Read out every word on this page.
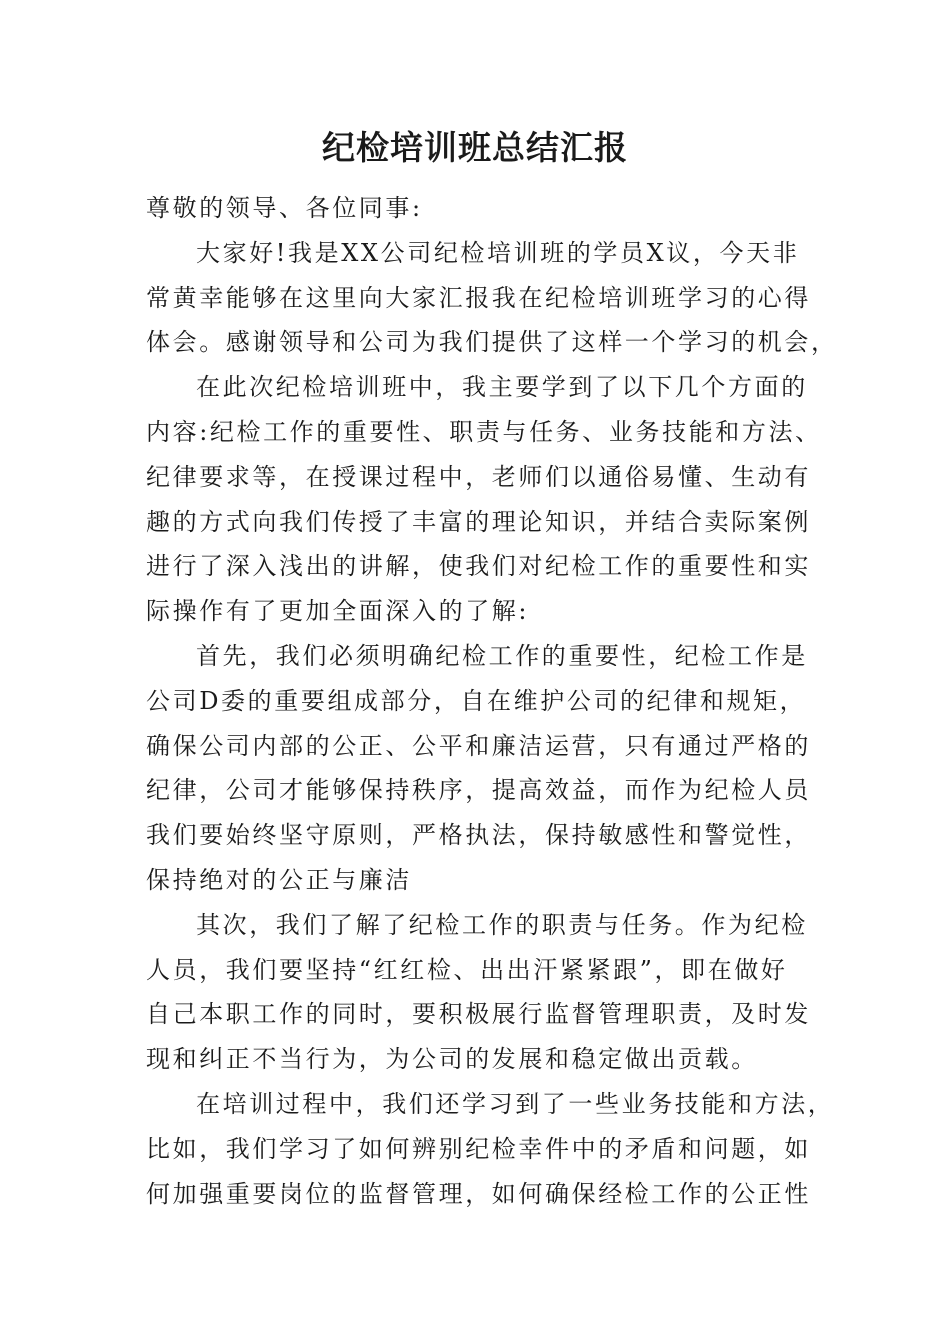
纪检培训班总结汇报
尊敬的领导、各位同事:
大家好!我是XX公司纪检培训班的学员X议，今天非
常黄幸能够在这里向大家汇报我在纪检培训班学习的心得
体会。感谢领导和公司为我们提供了这样一个学习的机会，
在此次纪检培训班中，我主要学到了以下几个方面的
内容:纪检工作的重要性、职责与任务、业务技能和方法、
纪律要求等，在授课过程中，老师们以通俗易懂、生动有
趣的方式向我们传授了丰富的理论知识，并结合卖际案例
进行了深入浅出的讲解，使我们对纪检工作的重要性和实
际操作有了更加全面深入的了解:
首先，我们必须明确纪检工作的重要性，纪检工作是
公司D委的重要组成部分，自在维护公司的纪律和规矩，
确保公司内部的公正、公平和廉洁运营，只有通过严格的
纪律，公司才能够保持秩序，提高效益，而作为纪检人员
我们要始终坚守原则，严格执法，保持敏感性和警觉性，
保持绝对的公正与廉洁
其次，我们了解了纪检工作的职责与任务。作为纪检
人员，我们要坚持“红红检、出出汗紧紧跟”，即在做好
自己本职工作的同时，要积极展行监督管理职责，及时发
现和纠正不当行为，为公司的发展和稳定做出贡载。
在培训过程中，我们还学习到了一些业务技能和方法，
比如，我们学习了如何辨别纪检幸件中的矛盾和问题，如
何加强重要岗位的监督管理，如何确保经检工作的公正性
